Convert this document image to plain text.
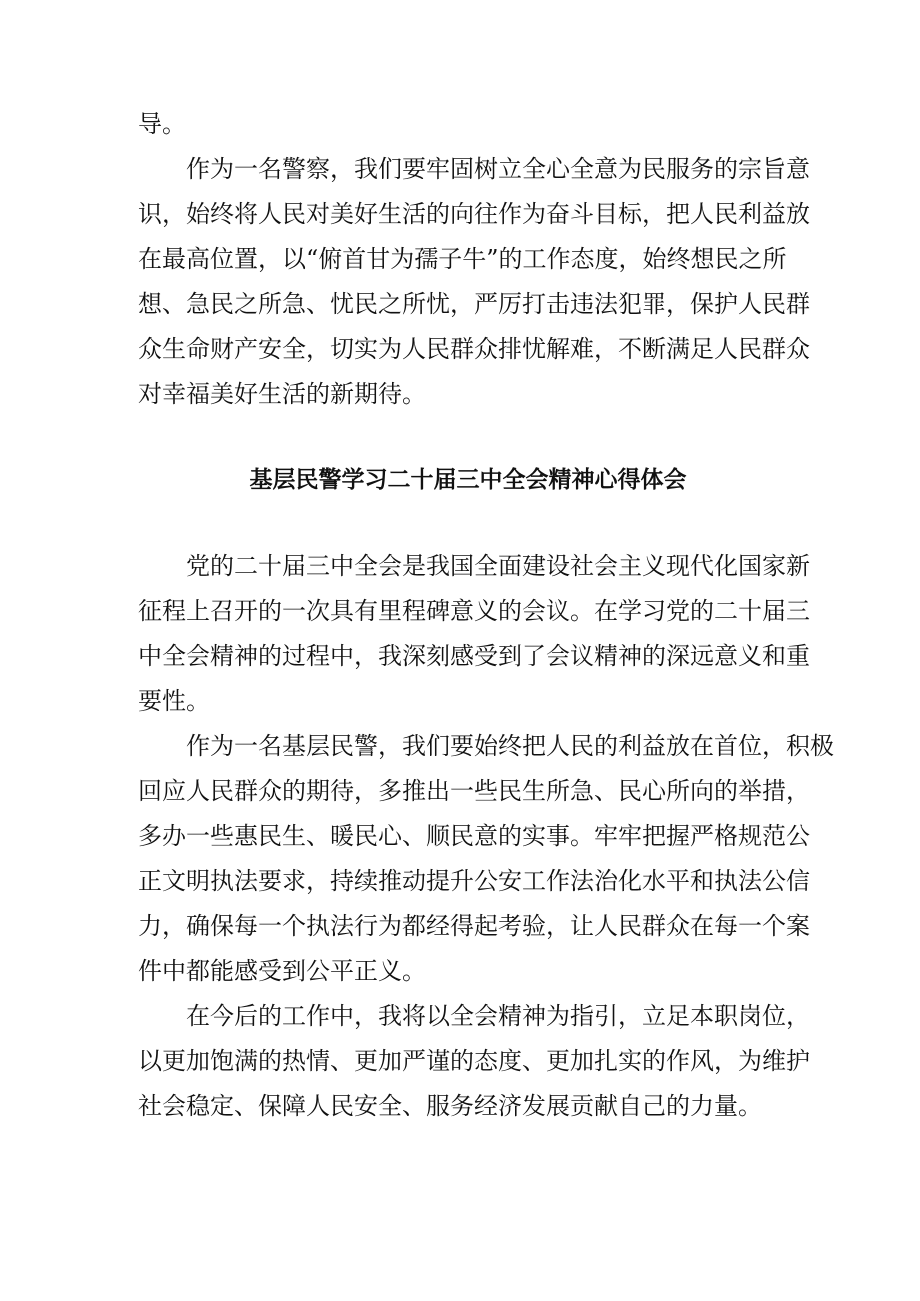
导。
作为一名警察，我们要牢固树立全心全意为民服务的宗旨意
识，始终将人民对美好生活的向往作为奋斗目标，把人民利益放
在最高位置，以“俯首甘为孺子牛”的工作态度，始终想民之所
想、急民之所急、忧民之所忧，严厉打击违法犯罪，保护人民群
众生命财产安全，切实为人民群众排忧解难，不断满足人民群众
对幸福美好生活的新期待。
基层民警学习二十届三中全会精神心得体会
党的二十届三中全会是我国全面建设社会主义现代化国家新
征程上召开的一次具有里程碑意义的会议。在学习党的二十届三
中全会精神的过程中，我深刻感受到了会议精神的深远意义和重
要性。
作为一名基层民警，我们要始终把人民的利益放在首位，积极
回应人民群众的期待，多推出一些民生所急、民心所向的举措，
多办一些惠民生、暖民心、顺民意的实事。牢牢把握严格规范公
正文明执法要求，持续推动提升公安工作法治化水平和执法公信
力，确保每一个执法行为都经得起考验，让人民群众在每一个案
件中都能感受到公平正义。
在今后的工作中，我将以全会精神为指引，立足本职岗位，
以更加饱满的热情、更加严谨的态度、更加扎实的作风，为维护
社会稳定、保障人民安全、服务经济发展贡献自己的力量。
